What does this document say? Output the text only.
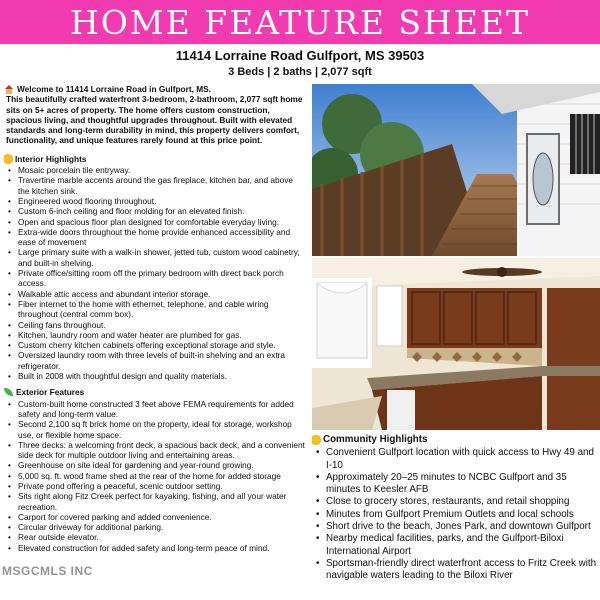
HOME FEATURE SHEET
11414 Lorraine Road Gulfport, MS 39503
3 Beds | 2 baths | 2,077 sqft
Welcome to 11414 Lorraine Road in Gulfport, MS.
This beautifully crafted waterfront 3-bedroom, 2-bathroom, 2,077 sqft home sits on 5+ acres of property. The home offers custom construction, spacious living, and thoughtful upgrades throughout. Built with elevated standards and long-term durability in mind, this property delivers comfort, functionality, and unique features rarely found at this price point.
Interior Highlights
• Mosaic porcelain tile entryway.
• Travertine marble accents around the gas fireplace, kitchen bar, and above the kitchen sink.
• Engineered wood flooring throughout.
• Custom 6-inch ceiling and floor molding for an elevated finish.
• Open and spacious floor plan designed for comfortable everyday living.
• Extra-wide doors throughout the home provide enhanced accessibility and ease of movement
• Large primary suite with a walk-in shower, jetted tub, custom wood cabinetry, and built-in shelving.
• Private office/sitting room off the primary bedroom with direct back porch access.
• Walkable attic access and abundant interior storage.
• Fiber internet to the home with ethernet, telephone, and cable wiring throughout (central comm box).
• Ceiling fans throughout.
• Kitchen, laundry room and water heater are plumbed for gas.
• Custom cherry kitchen cabinets offering exceptional storage and style.
• Oversized laundry room with three levels of built-in shelving and an extra refrigerator.
• Built in 2008 with thoughtful design and quality materials.
Exterior Features
• Custom-built home constructed 3 feet above FEMA requirements for added safety and long-term value.
• Second 2,100 sq ft brick home on the property, ideal for storage, workshop use, or flexible home space.
• Three decks: a welcoming front deck, a spacious back deck, and a convenient side deck for multiple outdoor living and entertaining areas.
• Greenhouse on site ideal for gardening and year-round growing.
• 5,000 sq. ft. wood frame shed at the rear of the home for added storage
• Private pond offering a peaceful, scenic outdoor setting.
• Sits right along Fitz Creek perfect for kayaking, fishing, and all your water recreation.
• Carport for covered parking and added convenience.
• Circular driveway for additional parking.
• Rear outside elevator.
• Elevated construction for added safety and long-term peace of mind.
Community Highlights
• Convenient Gulfport location with quick access to Hwy 49 and I-10
• Approximately 20–25 minutes to NCBC Gulfport and 35 minutes to Keesler AFB
• Close to grocery stores, restaurants, and retail shopping
• Minutes from Gulfport Premium Outlets and local schools
• Short drive to the beach, Jones Park, and downtown Gulfport
• Nearby medical facilities, parks, and the Gulfport-Biloxi International Airport
• Sportsman-friendly direct waterfront access to Fritz Creek with navigable waters leading to the Biloxi River
MSGCMLS INC
